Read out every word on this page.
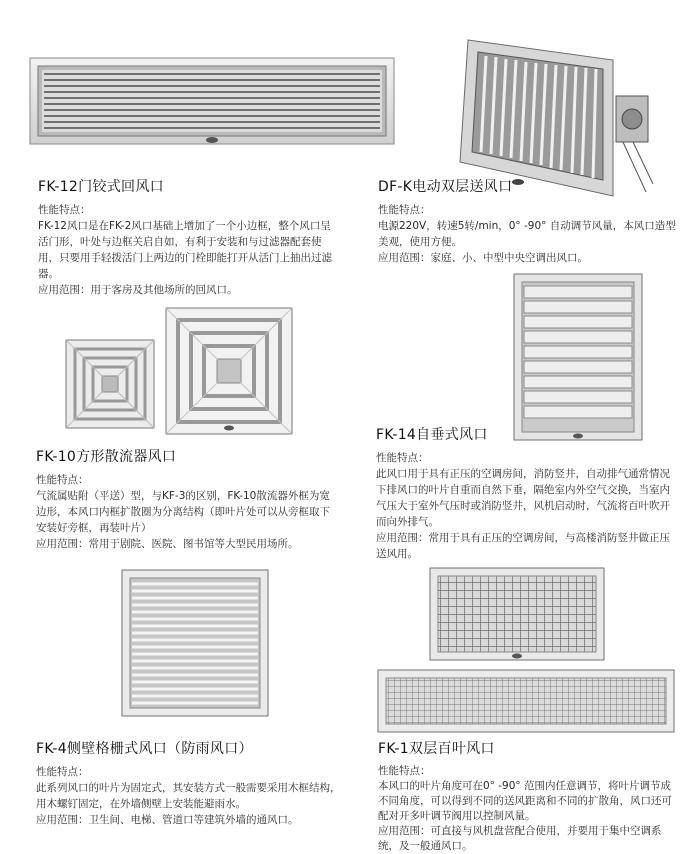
FK-12门铰式回风口

性能特点：

FK-12风口是在FK-2风口基础上增加了一个小边框，整个风口呈活门形，叶处与边框关启自如，有利于安装和与过滤器配套使用，只要用手轻拨活门上两边的门栓即能打开从活门上抽出过滤器。

应用范围：用于客房及其他场所的回风口。

DF-K电动双层送风口

性能特点：

电源220V，转速5转/min，0° -90° 自动调节风量，本风口造型美观，使用方便。

应用范围：家庭、小、中型中央空调出风口。

FK-10方形散流器风口

性能特点：

气流属贴附（平送）型，与KF-3的区别，FK-10散流器外框为宽边形，本风口内框扩散圈为分离结构（即叶片处可以从旁框取下安装好旁框，再装叶片）

应用范围：常用于剧院、医院、图书馆等大型民用场所。

FK-14自垂式风口

性能特点：

此风口用于具有正压的空调房间，消防竖井，自动排气通常情况下排风口的叶片自重而自然下垂，隔绝室内外空气交换，当室内气压大于室外气压时或消防竖井，风机启动时，气流将百叶吹开而向外排气。

应用范围：常用于具有正压的空调房间，与高楼消防竖井做正压送风用。

FK-4侧壁格栅式风口（防雨风口）

性能特点：

此系列风口的叶片为固定式，其安装方式一般需要采用木框结构，用木螺钉固定，在外墙侧壁上安装能避雨水。

应用范围：卫生间、电梯、管道口等建筑外墙的通风口。

FK-1双层百叶风口

性能特点：

本风口的叶片角度可在0° -90° 范围内任意调节，将叶片调节成不同角度，可以得到不同的送风距离和不同的扩散角，风口还可配对开多叶调节阀用以控制风量。

应用范围：可直接与风机盘营配合使用，并要用于集中空调系统，及一般通风口。
